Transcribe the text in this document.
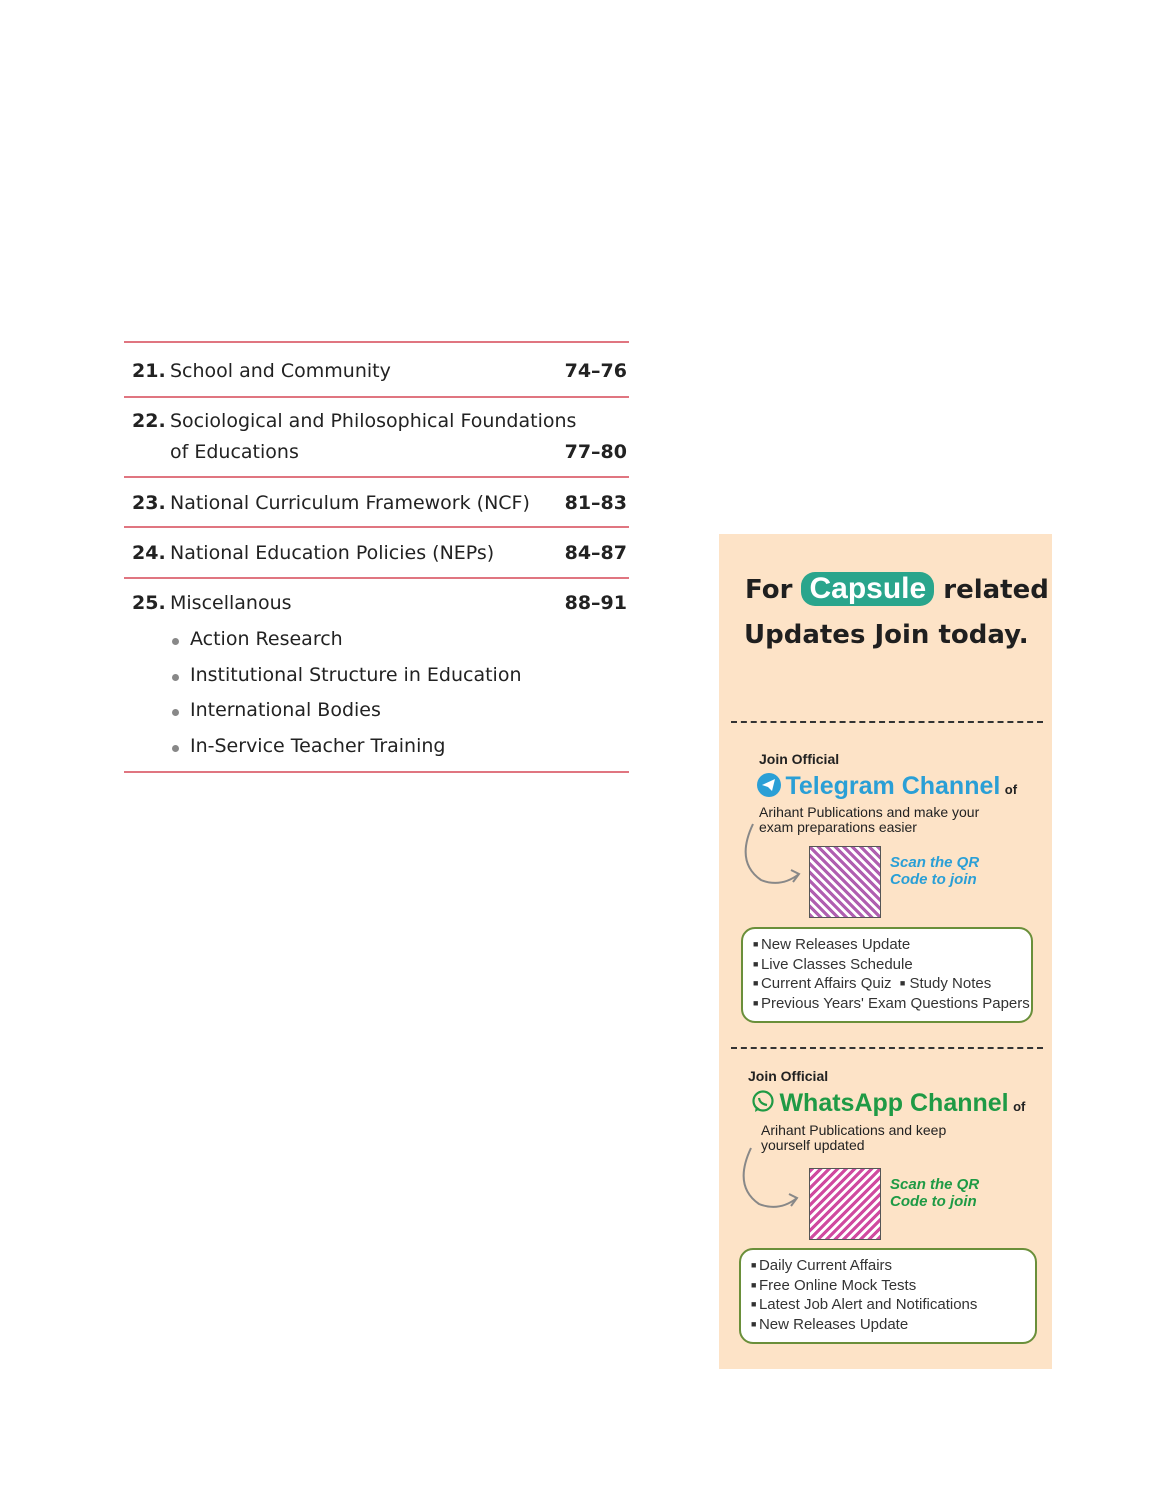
21. School and Community	74–76
22. Sociological and Philosophical Foundations
of Educations	77–80
23. National Curriculum Framework (NCF) 81–83
24. National Education Policies (NEPs)	84–87
25. Miscellanous	88–91
Action Research
Institutional Structure in Education
International Bodies
In-Service Teacher Training
For Capsule related
Updates Join today.
Join Official
Telegram Channel of
Arihant Publications and make your
exam preparations easier
Scan the QR
Code to join
■ New Releases Update
■ Live Classes Schedule
■ Current Affairs Quiz ■ Study Notes
■ Previous Years' Exam Questions Papers
Join Official
WhatsApp Channel of
Arihant Publications and keep
yourself updated
Scan the QR
Code to join
■ Daily Current Affairs
■ Free Online Mock Tests
■ Latest Job Alert and Notifications
■ New Releases Update
